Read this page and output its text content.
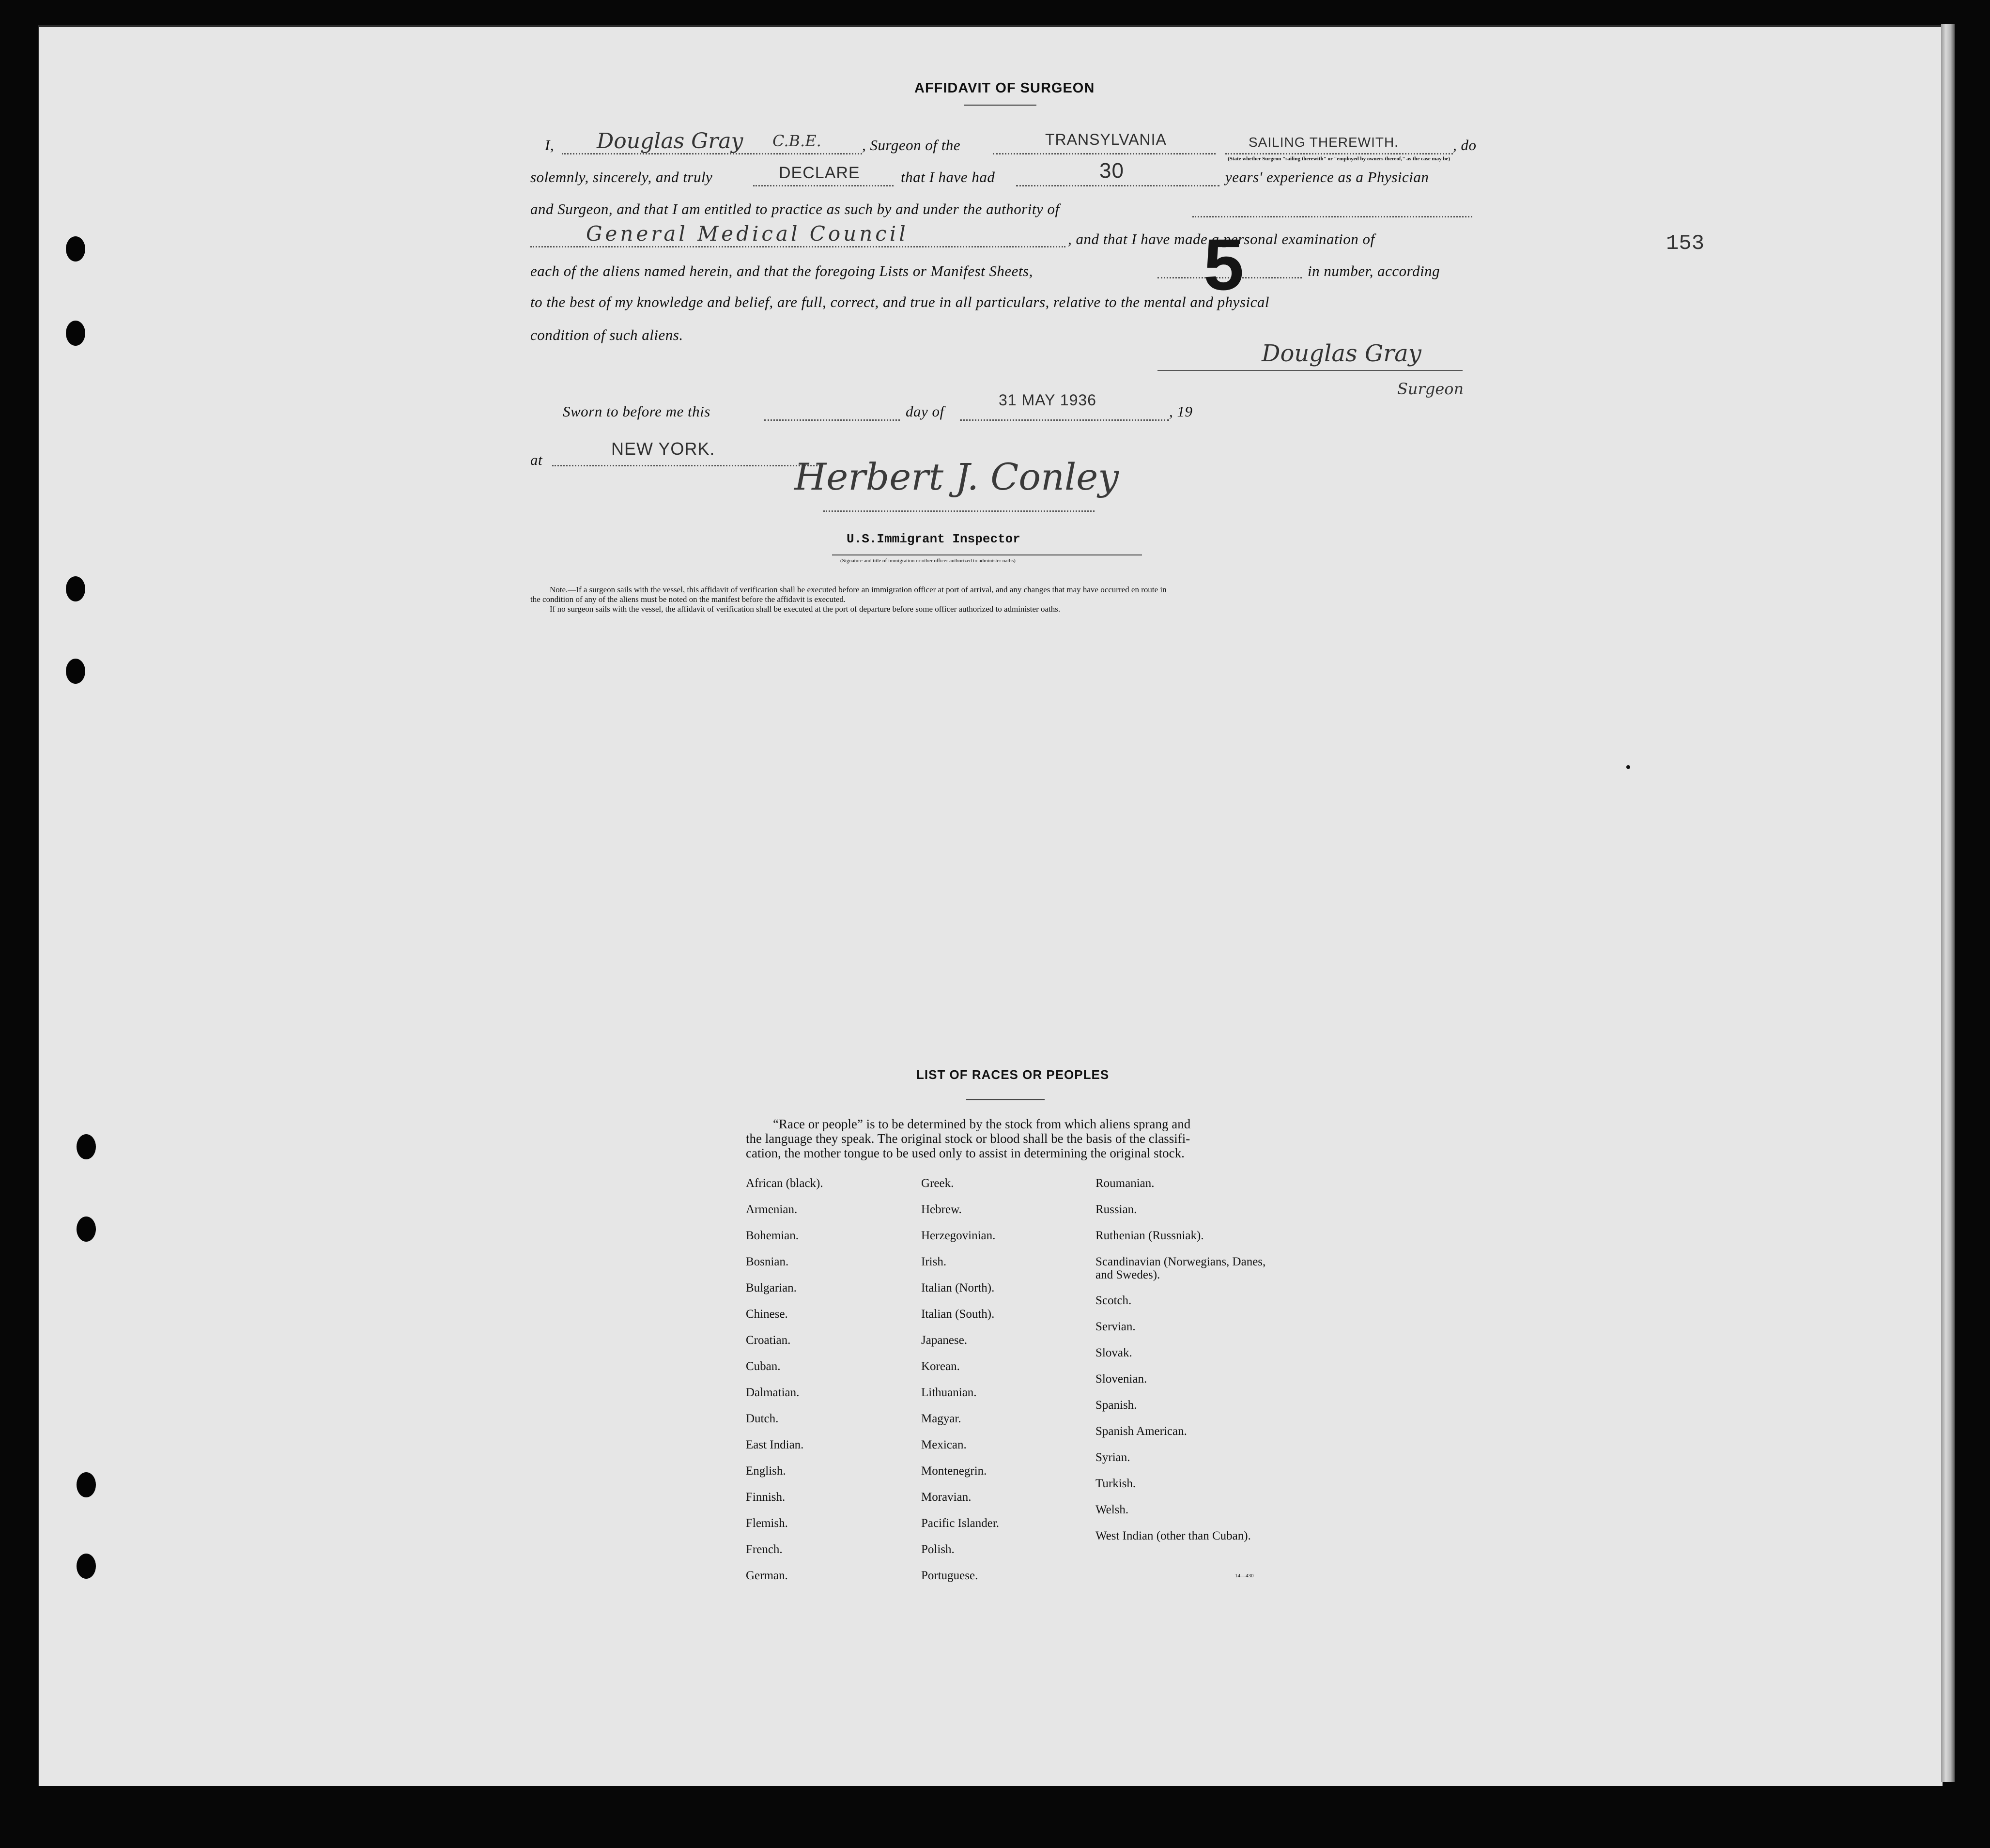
153
AFFIDAVIT OF SURGEON
I, Douglas Gray C.B.E.	, Surgeon of the	TRANSYLVANIA	SAILING THEREWITH.	, do
(State whether Surgeon "sailing therewith" or "employed by owners thereof," as the case may be)
solemnly, sincerely, and truly	DECLARE	that I have had	30	years' experience as a Physician
and Surgeon, and that I am entitled to practice as such by and under the authority of
General Medical Council	, and that I have made a personal examination of
each of the aliens named herein, and that the foregoing Lists or Manifest Sheets, 5	in number, according
to the best of my knowledge and belief, are full, correct, and true in all particulars, relative to the mental and physical
condition of such aliens.
Douglas Gray
Surgeon
Sworn to before me this	day of
31 MAY 1936
, 19
at
NEW YORK.
Herbert J. Conley
U.S.Immigrant Inspector
(Signature and title of immigration or other officer authorized to administer oaths)
Note.—If a surgeon sails with the vessel, this affidavit of verification shall be executed before an immigration officer at port of arrival, and any changes that may have occurred en route in
the condition of any of the aliens must be noted on the manifest before the affidavit is executed.
If no surgeon sails with the vessel, the affidavit of verification shall be executed at the port of departure before some officer authorized to administer oaths.
LIST OF RACES OR PEOPLES
“Race or people” is to be determined by the stock from which aliens sprang and
the language they speak. The original stock or blood shall be the basis of the classifi-
cation, the mother tongue to be used only to assist in determining the original stock.
African (black).
Armenian.
Bohemian.
Bosnian.
Bulgarian.
Chinese.
Croatian.
Cuban.
Dalmatian.
Dutch.
East Indian.
English.
Finnish.
Flemish.
French.
German.
Greek.
Hebrew.
Herzegovinian.
Irish.
Italian (North).
Italian (South).
Japanese.
Korean.
Lithuanian.
Magyar.
Mexican.
Montenegrin.
Moravian.
Pacific Islander.
Polish.
Portuguese.
Roumanian.
Russian.
Ruthenian (Russniak).
Scandinavian (Norwegians, Danes, and Swedes).
Scotch.
Servian.
Slovak.
Slovenian.
Spanish.
Spanish American.
Syrian.
Turkish.
Welsh.
West Indian (other than Cuban).
14—430
